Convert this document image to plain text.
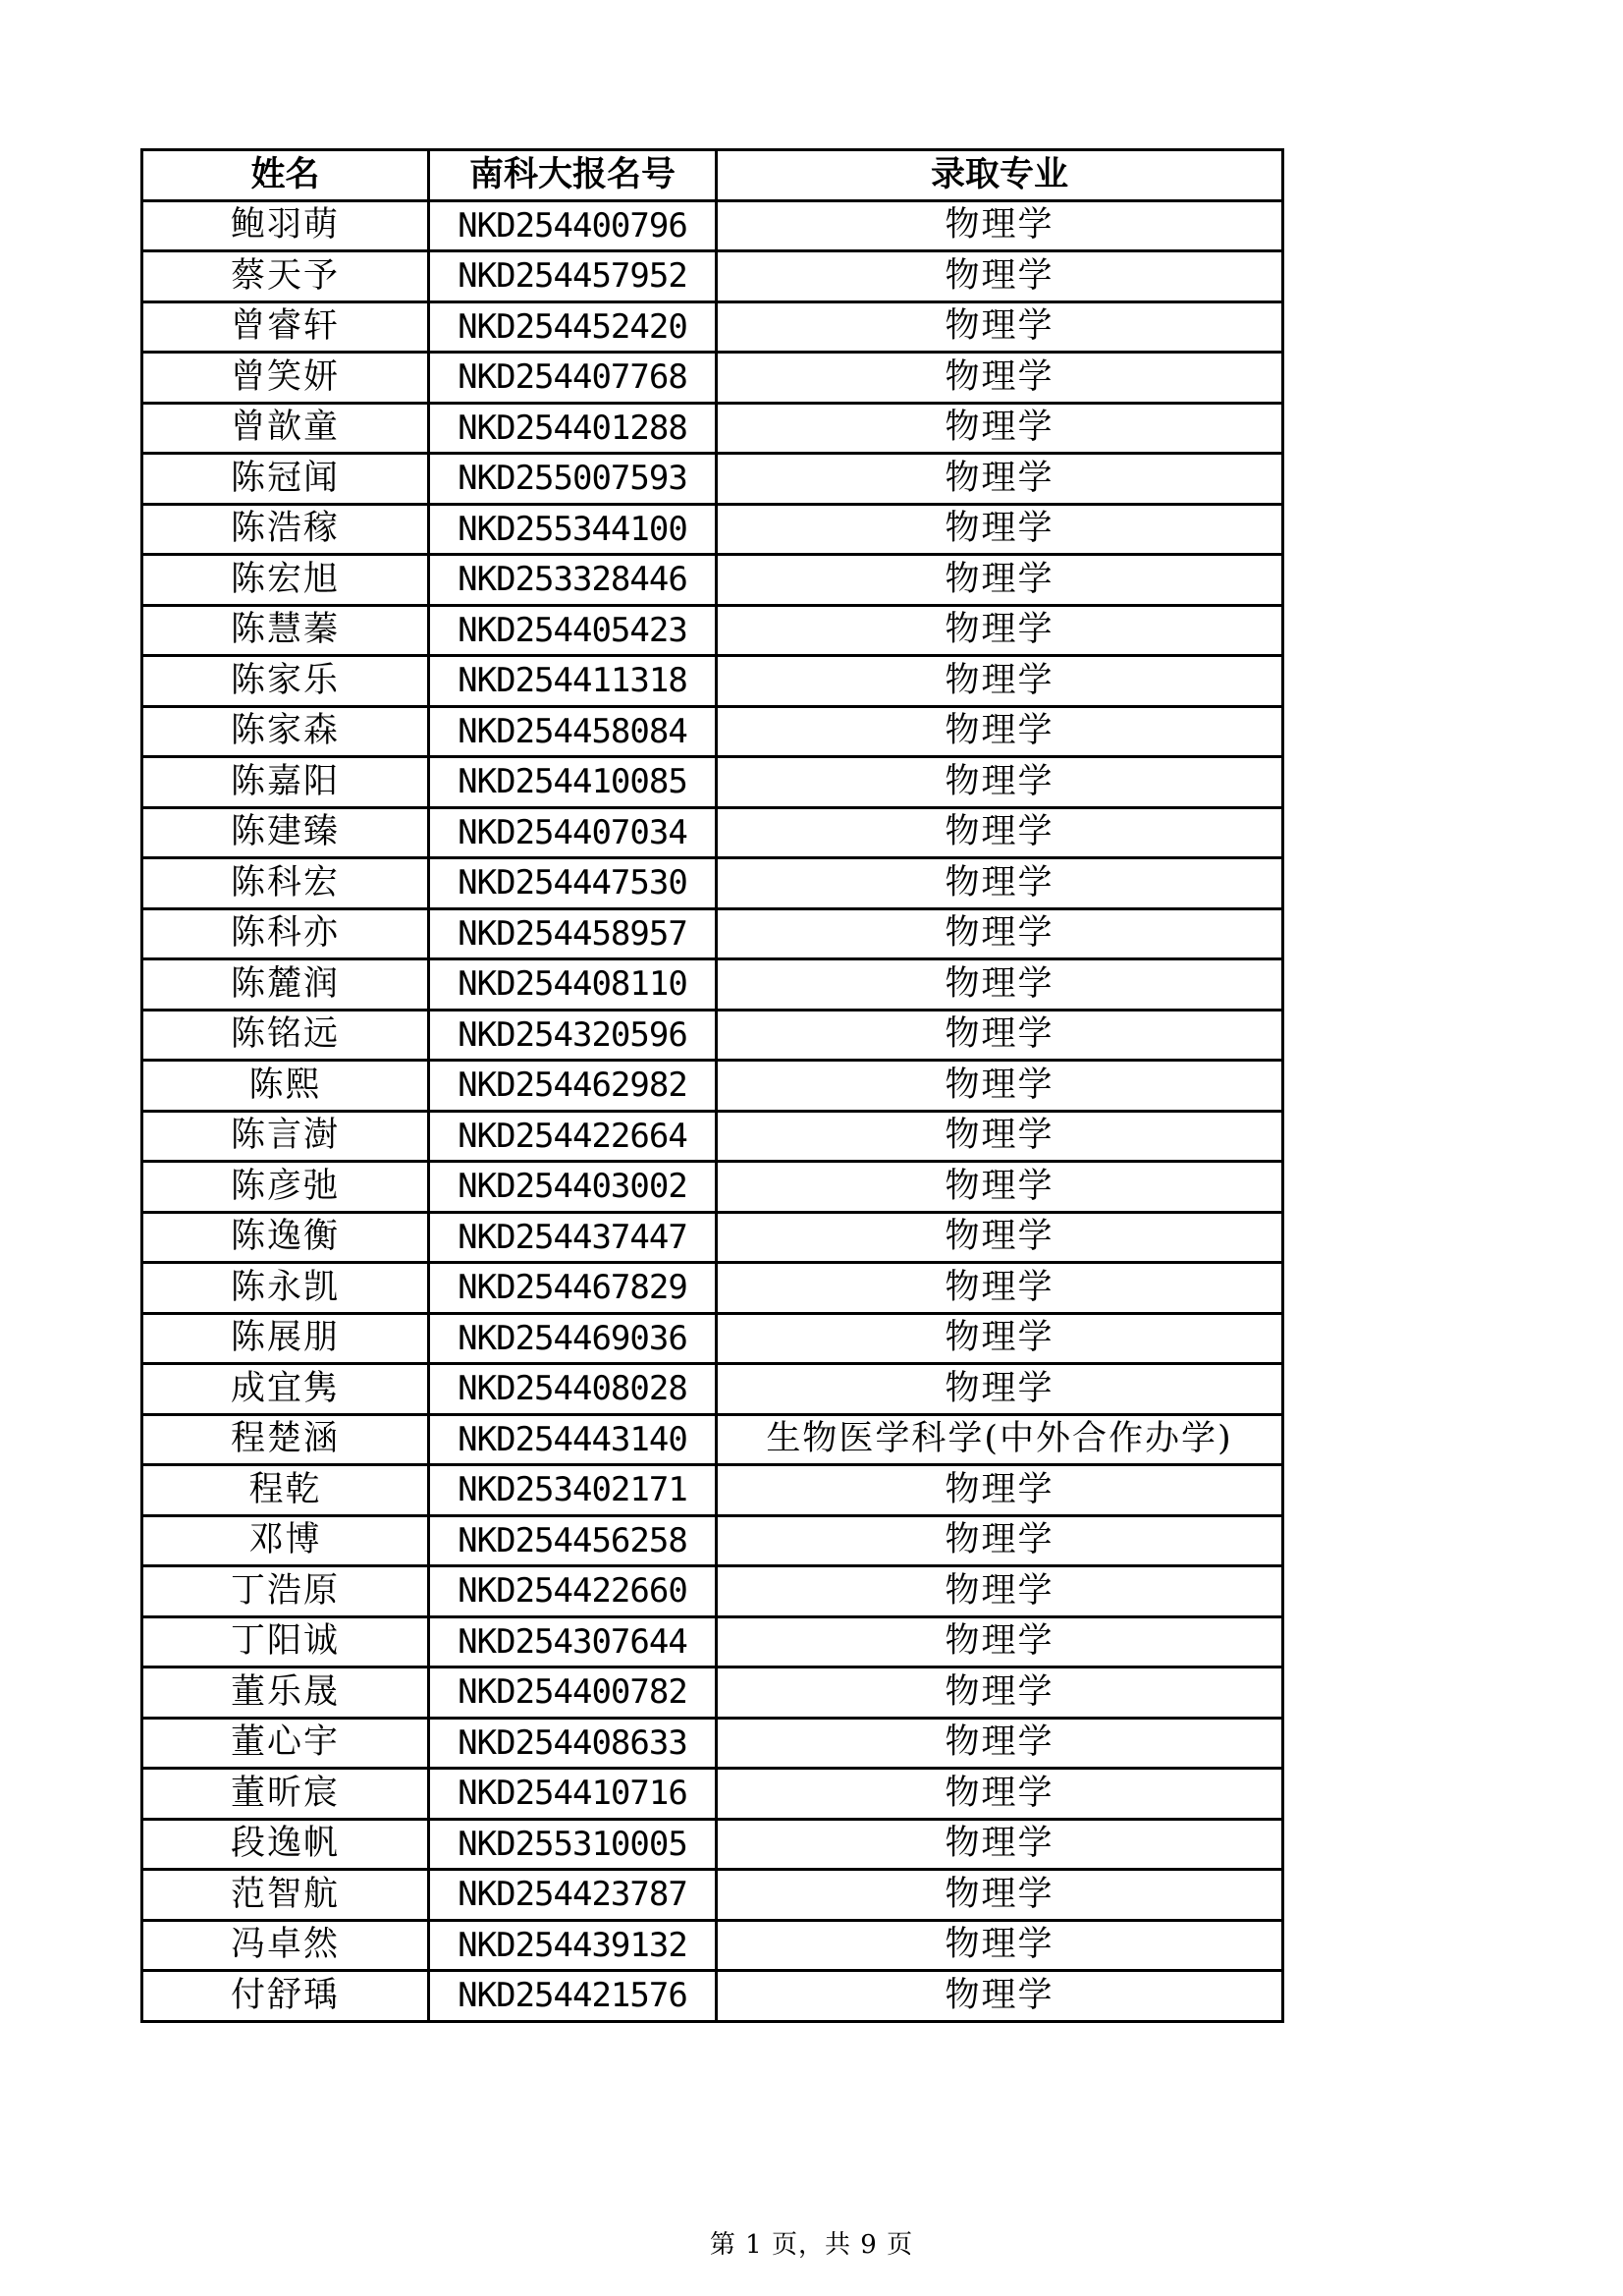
姓名	南科大报名号	录取专业
鲍羽萌	NKD254400796	物理学
蔡天予	NKD254457952	物理学
曾睿轩	NKD254452420	物理学
曾笑妍	NKD254407768	物理学
曾歆童	NKD254401288	物理学
陈冠闻	NKD255007593	物理学
陈浩稼	NKD255344100	物理学
陈宏旭	NKD253328446	物理学
陈慧蓁	NKD254405423	物理学
陈家乐	NKD254411318	物理学
陈家森	NKD254458084	物理学
陈嘉阳	NKD254410085	物理学
陈建臻	NKD254407034	物理学
陈科宏	NKD254447530	物理学
陈科亦	NKD254458957	物理学
陈麓润	NKD254408110	物理学
陈铭远	NKD254320596	物理学
陈熙	NKD254462982	物理学
陈言澍	NKD254422664	物理学
陈彦弛	NKD254403002	物理学
陈逸衡	NKD254437447	物理学
陈永凯	NKD254467829	物理学
陈展朋	NKD254469036	物理学
成宜隽	NKD254408028	物理学
程楚涵	NKD254443140	生物医学科学(中外合作办学)
程乾	NKD253402171	物理学
邓博	NKD254456258	物理学
丁浩原	NKD254422660	物理学
丁阳诚	NKD254307644	物理学
董乐晟	NKD254400782	物理学
董心宇	NKD254408633	物理学
董昕宸	NKD254410716	物理学
段逸帆	NKD255310005	物理学
范智航	NKD254423787	物理学
冯卓然	NKD254439132	物理学
付舒瑀	NKD254421576	物理学
第 1 页，共 9 页
